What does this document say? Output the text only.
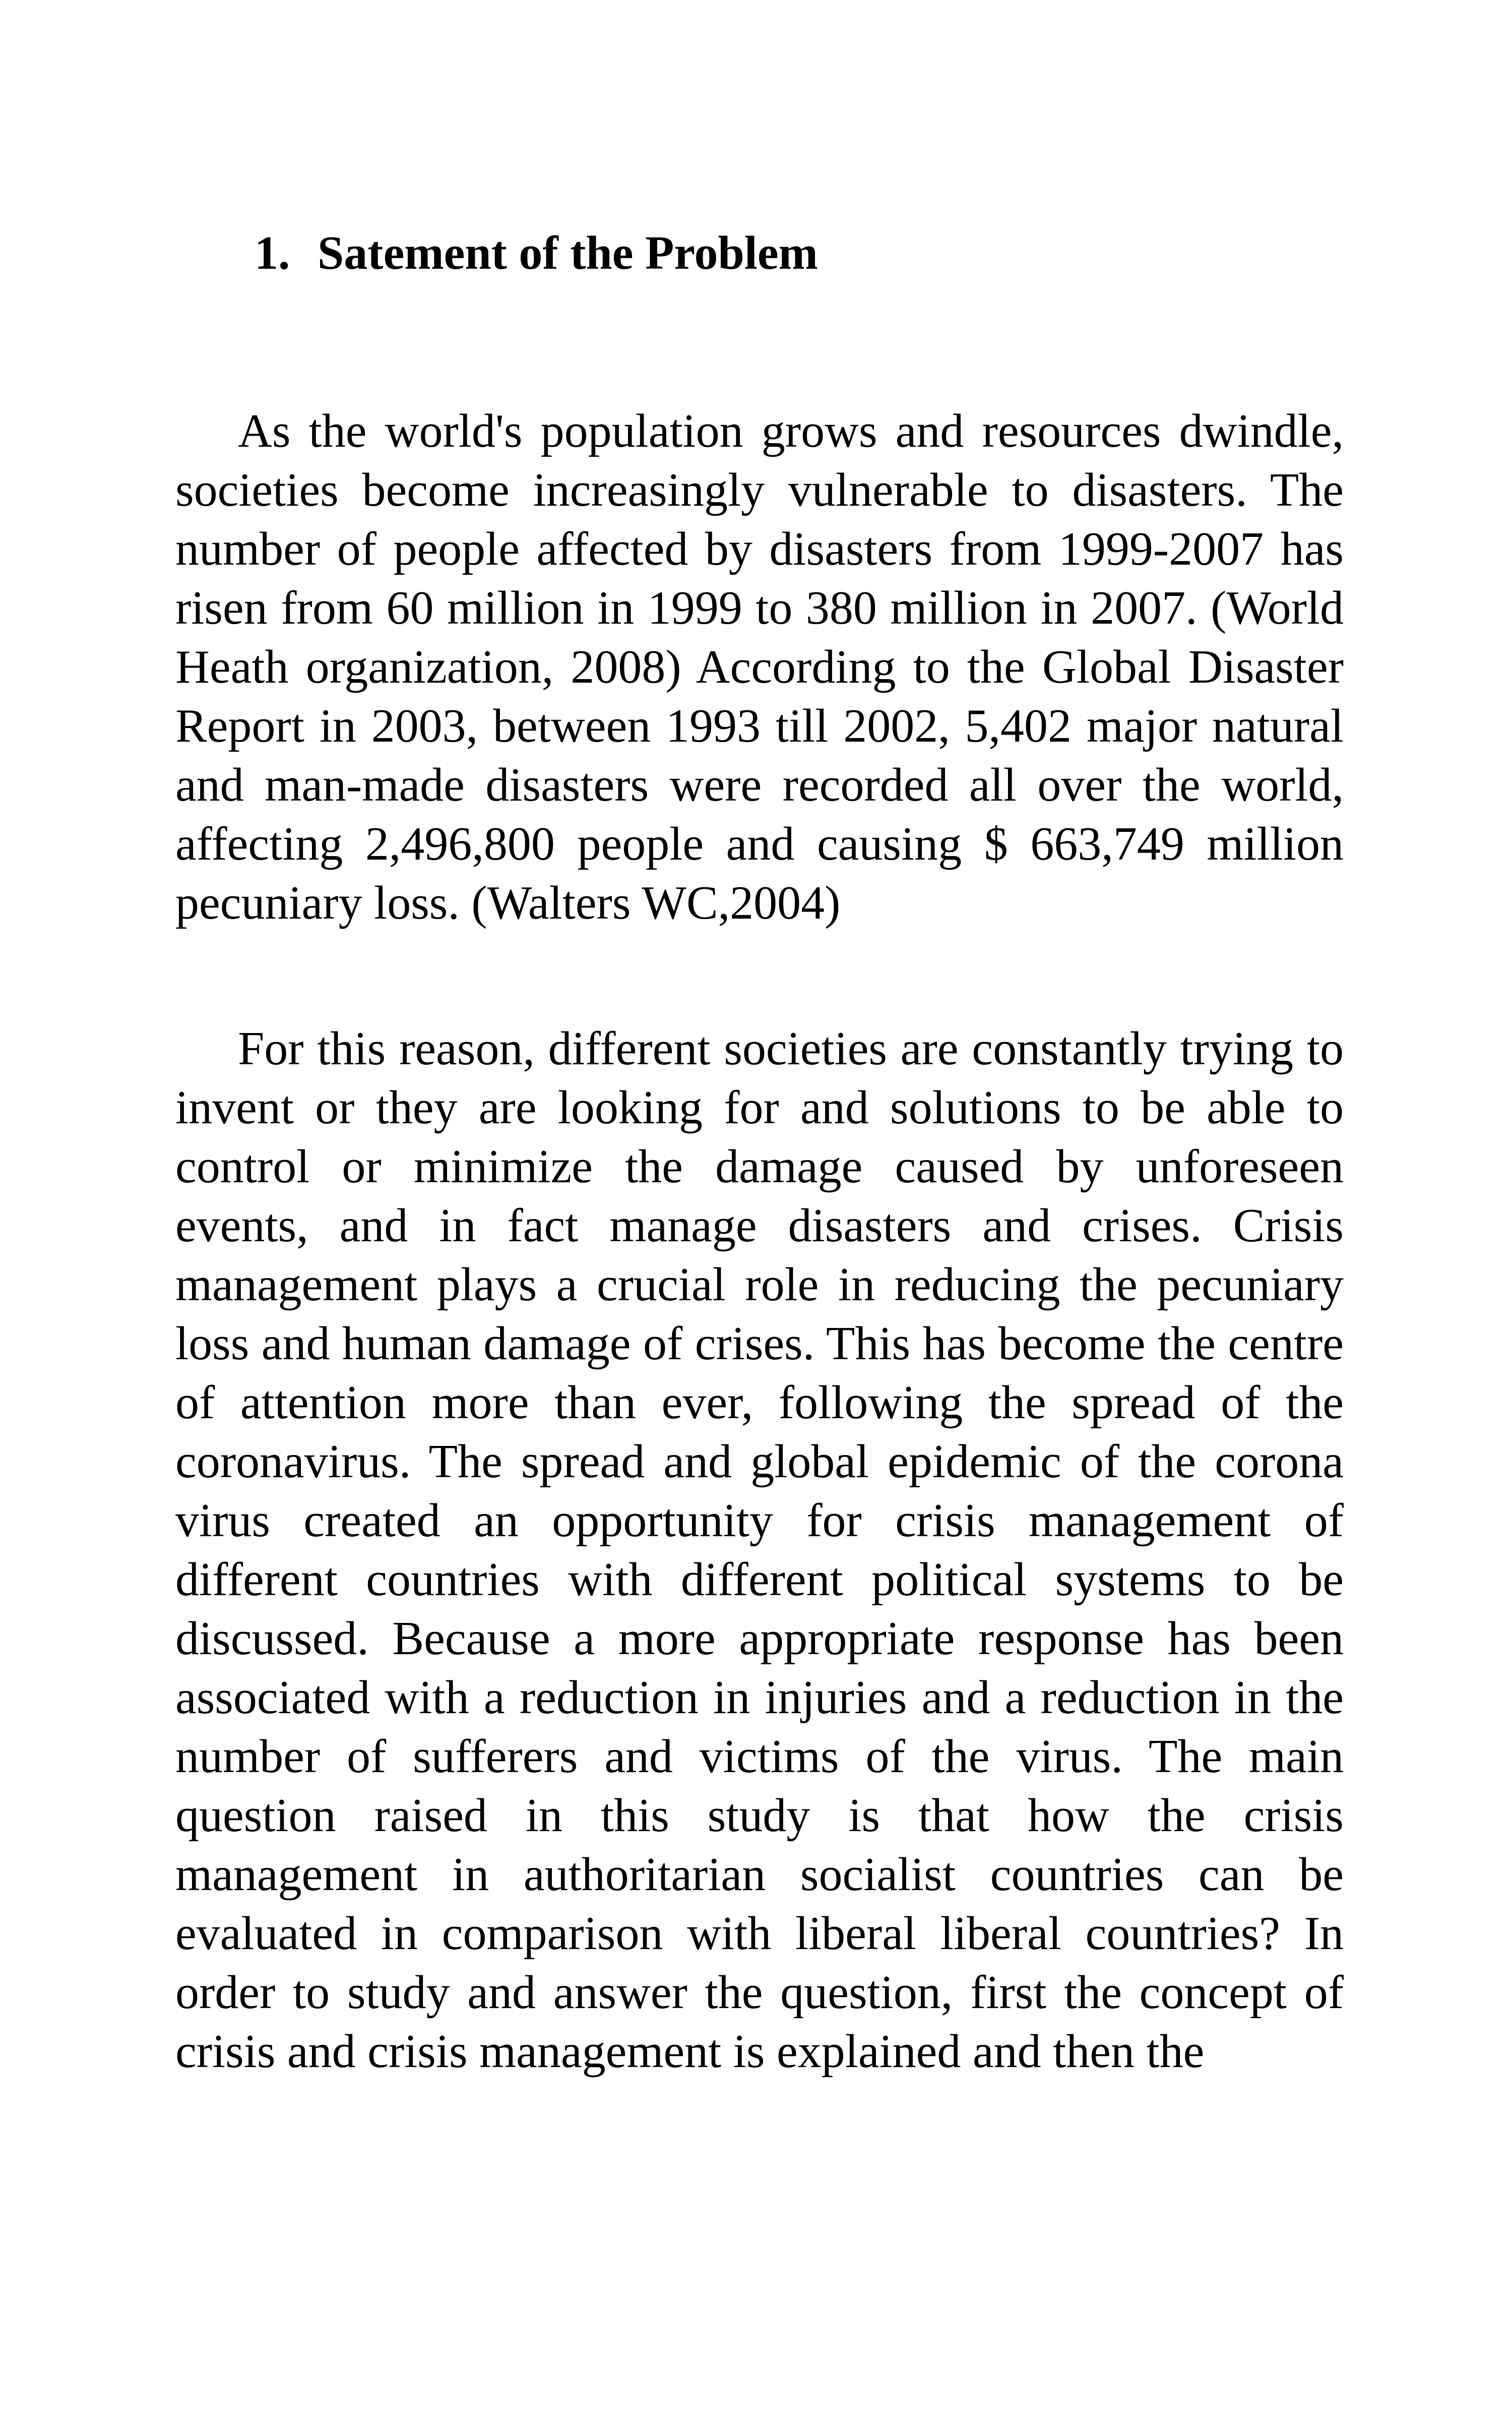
1. Satement of the Problem

As the world's population grows and resources dwindle, societies become increasingly vulnerable to disasters. The number of people affected by disasters from 1999-2007 has risen from 60 million in 1999 to 380 million in 2007. (World Heath organization, 2008) According to the Global Disaster Report in 2003, between 1993 till 2002, 5,402 major natural and man-made disasters were recorded all over the world, affecting 2,496,800 people and causing $ 663,749 million pecuniary loss. (Walters WC,2004)

For this reason, different societies are constantly trying to invent or they are looking for and solutions to be able to control or minimize the damage caused by unforeseen events, and in fact manage disasters and crises. Crisis management plays a crucial role in reducing the pecuniary loss and human damage of crises. This has become the centre of attention more than ever, following the spread of the coronavirus. The spread and global epidemic of the corona virus created an opportunity for crisis management of different countries with different political systems to be discussed. Because a more appropriate response has been associated with a reduction in injuries and a reduction in the number of sufferers and victims of the virus. The main question raised in this study is that how the crisis management in authoritarian socialist countries can be evaluated in comparison with liberal liberal countries? In order to study and answer the question, first the concept of crisis and crisis management is explained and then the
